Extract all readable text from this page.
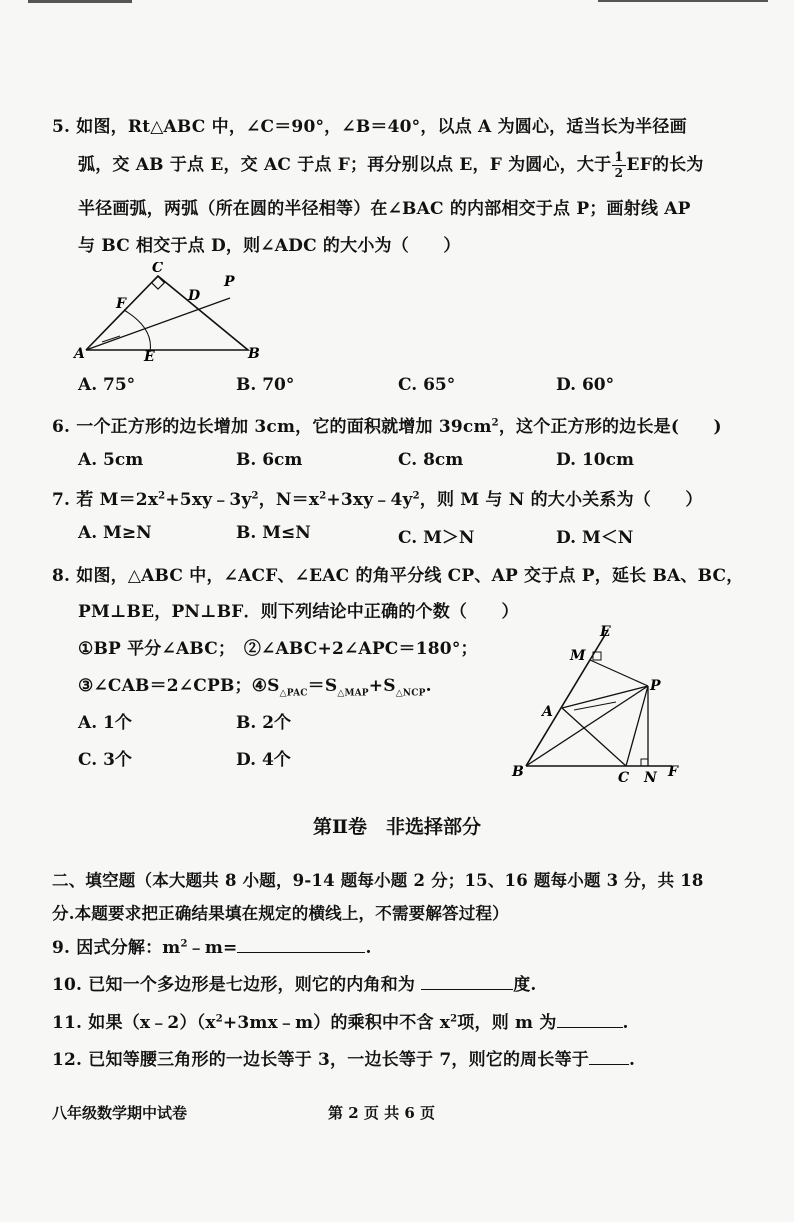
5. 如图，Rt△ABC 中，∠C＝90°，∠B＝40°，以点 A 为圆心，适当长为半径画
弧，交 AB 于点 E，交 AC 于点 F；再分别以点 E，F 为圆心，大于 $\frac{1}{2}$ EF的长为
半径画弧，两弧（所在圆的半径相等）在∠BAC 的内部相交于点 P；画射线 AP
与 BC 相交于点 D，则∠ADC 的大小为（　　）
A
C
B
F	D
E
P
A. 75°	B. 70°	C. 65°	D. 60°
6. 一个正方形的边长增加 3cm，它的面积就增加 $39cm^2$，这个正方形的边长是(　　)
A. 5cm	B. 6cm	C. 8cm	D. 10cm
7. 若 $M=2x^2+5xy﹣3y^2$，$N=x^2+3xy﹣4y^2$，则 M 与 N 的大小关系为（　　）
A. M≥N	B. M≤N	C. M＞N	D. M＜N
8. 如图，△ABC 中，∠ACF、∠EAC 的角平分线 CP、AP 交于点 P，延长 BA、BC，
PM⊥BE，PN⊥BF．则下列结论中正确的个数（　　）
①BP 平分∠ABC；　②∠ABC+2∠APC＝180°；
③∠CAB＝2∠CPB；$④S_{\triangle PAC}=S_{\triangle MAP}+S_{\triangle NCP}$.
A. 1个	B. 2个
C. 3个	D. 4个
E
M
P
A
B	C N F
第Ⅱ卷　非选择部分
二、填空题（本大题共 8 小题，9-14 题每小题 2 分；15、16 题每小题 3 分，共 18
分.本题要求把正确结果填在规定的横线上，不需要解答过程）
9. 因式分解：$m^2﹣m=$	.
10. 已知一个多边形是七边形，则它的内角和为	度.
11. 如果$(x﹣2)(x^2+3mx﹣m)$的乘积中不含 $x^2$项，则 m 为	.
12. 已知等腰三角形的一边长等于 3，一边长等于 7，则它的周长等于 .
八年级数学期中试卷	第 2 页 共 6 页
